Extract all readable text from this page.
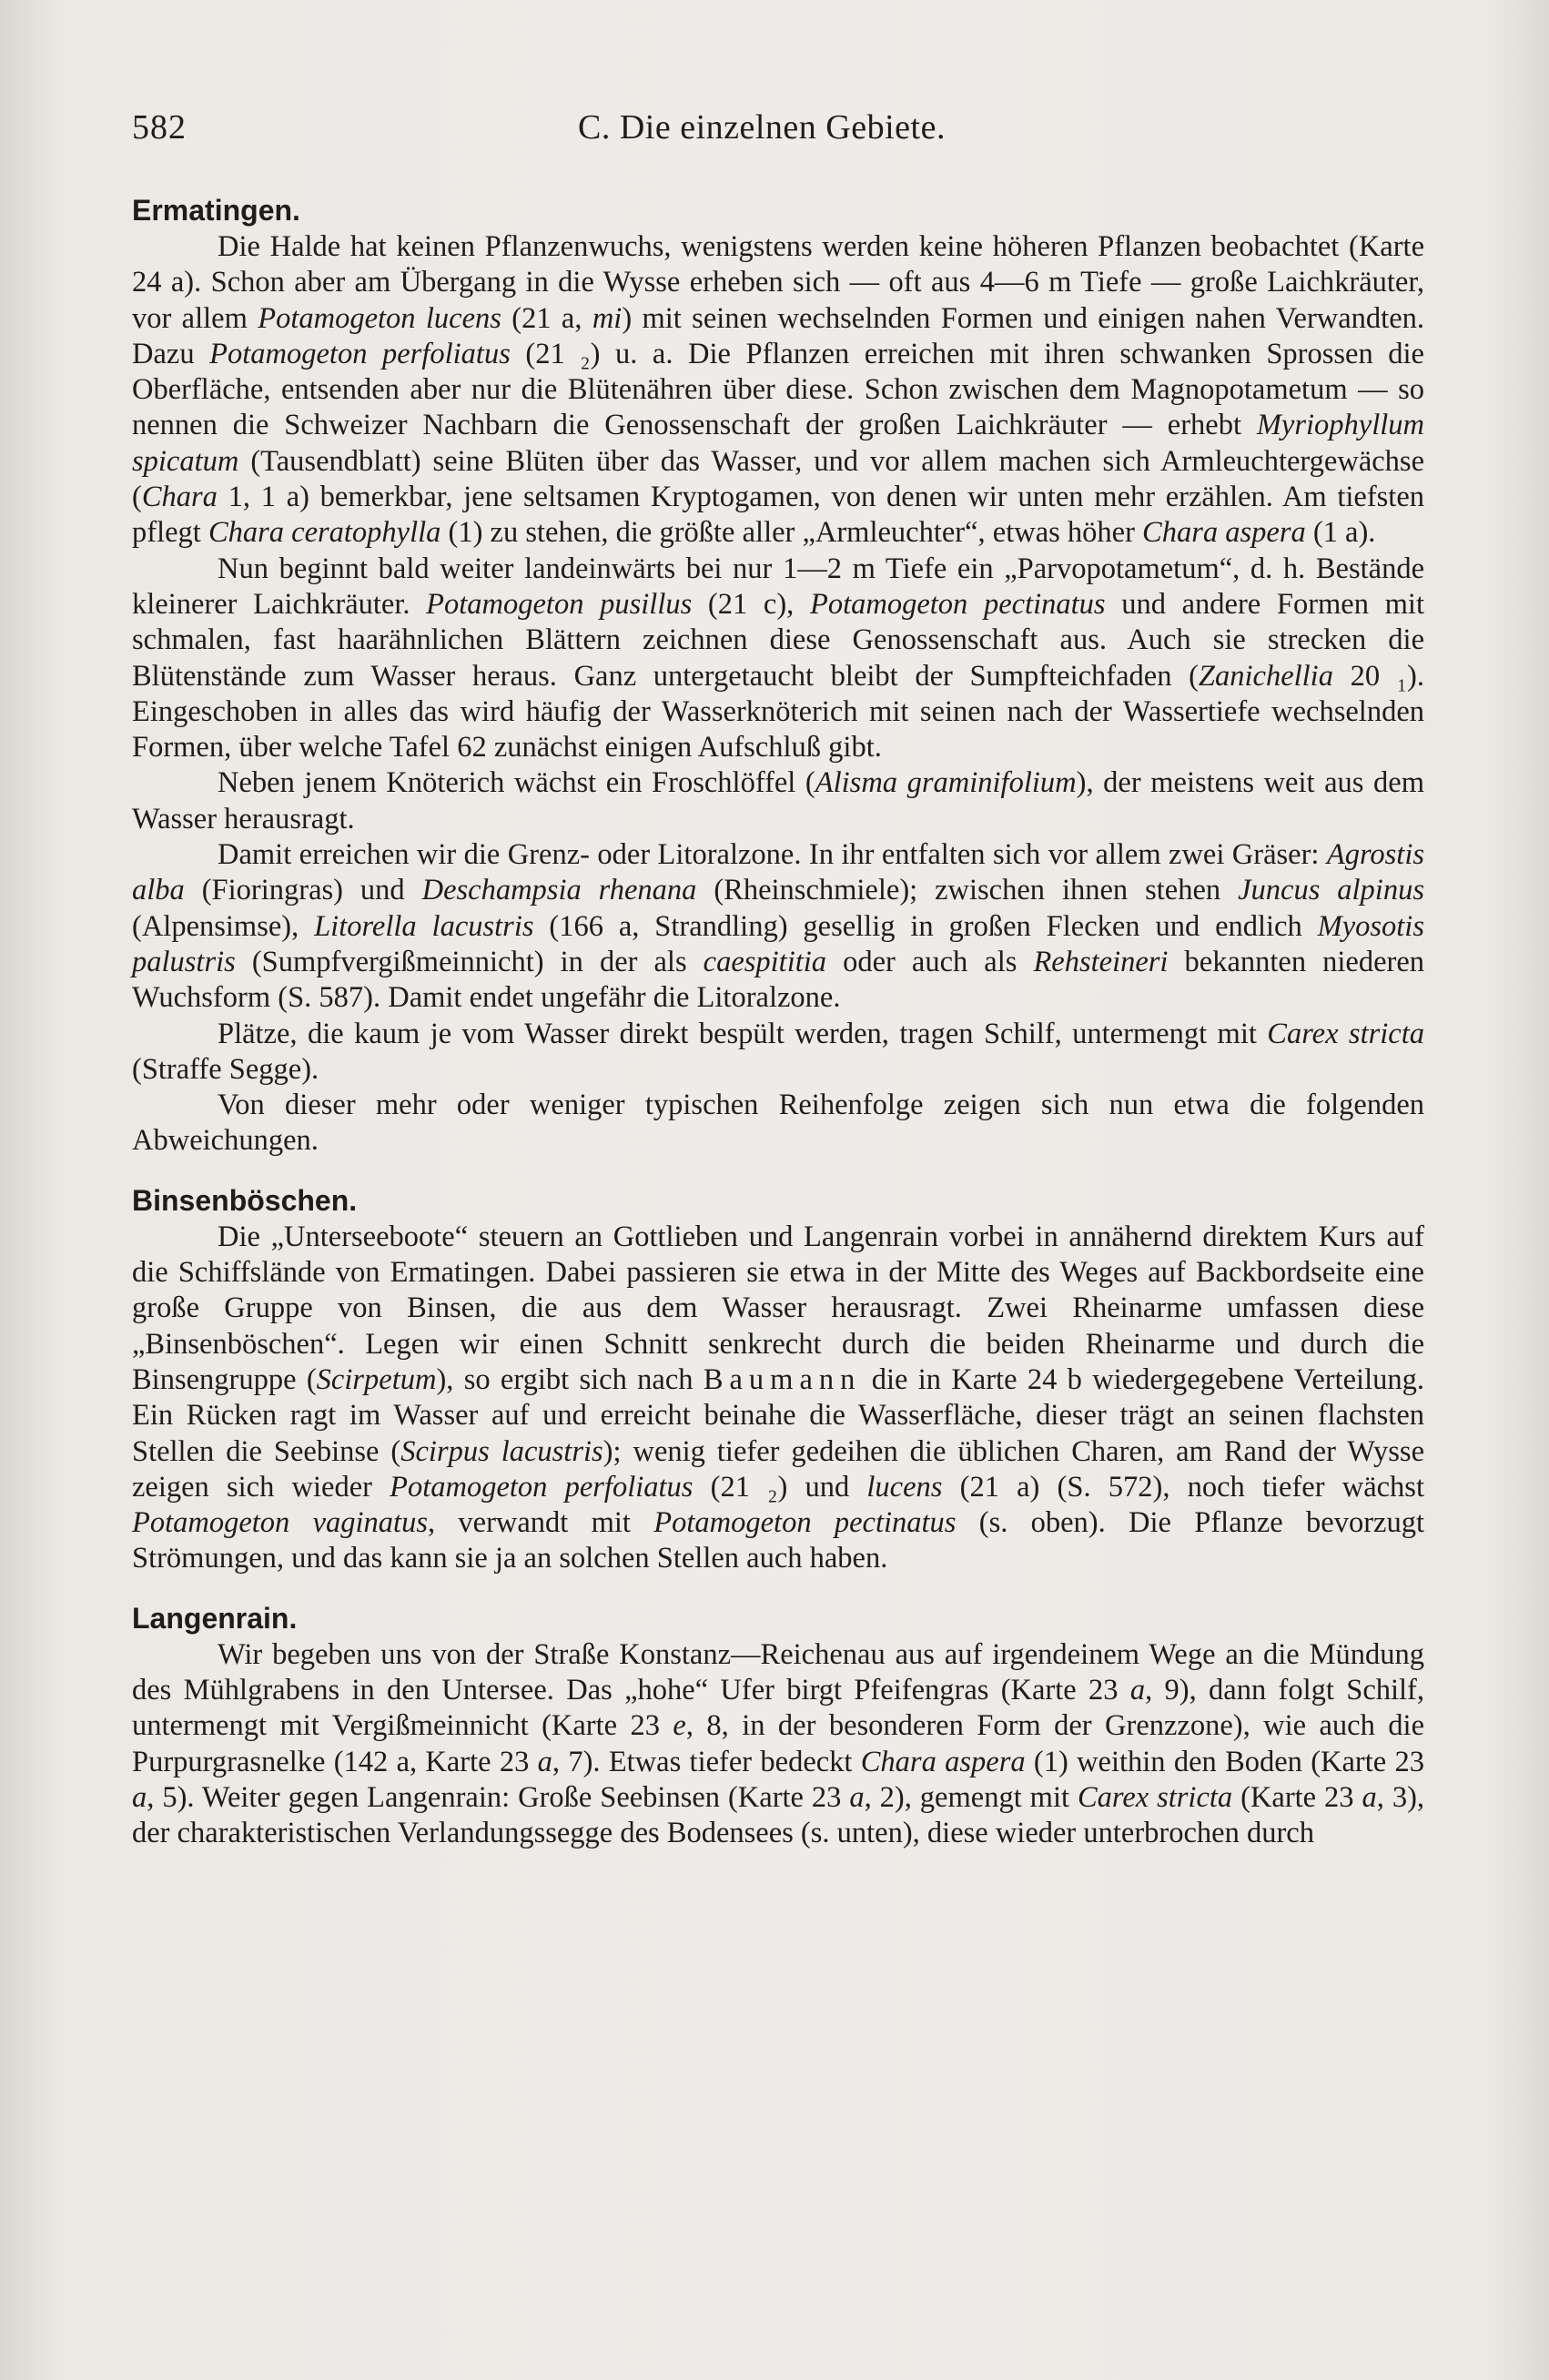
582	C. Die einzelnen Gebiete.
Ermatingen.

Die Halde hat keinen Pflanzenwuchs, wenigstens werden keine höheren Pflanzen beobachtet (Karte 24 a). Schon aber am Übergang in die Wysse erheben sich — oft aus 4—6 m Tiefe — große Laichkräuter, vor allem Potamogeton lucens (21 a, mi) mit seinen wechselnden Formen und einigen nahen Verwandten. Dazu Potamogeton perfoliatus (21 ₂) u. a. Die Pflanzen erreichen mit ihren schwanken Sprossen die Oberfläche, entsenden aber nur die Blütenähren über diese. Schon zwischen dem Magnopotametum — so nennen die Schweizer Nachbarn die Genossenschaft der großen Laichkräuter — erhebt Myriophyllum spicatum (Tausendblatt) seine Blüten über das Wasser, und vor allem machen sich Armleuchtergewächse (Chara 1, 1 a) bemerkbar, jene seltsamen Kryptogamen, von denen wir unten mehr erzählen. Am tiefsten pflegt Chara ceratophylla (1) zu stehen, die größte aller „Armleuchter“, etwas höher Chara aspera (1 a).

Nun beginnt bald weiter landeinwärts bei nur 1—2 m Tiefe ein „Parvopotametum“, d. h. Bestände kleinerer Laichkräuter. Potamogeton pusillus (21 c), Potamogeton pectinatus und andere Formen mit schmalen, fast haarähnlichen Blättern zeichnen diese Genossenschaft aus. Auch sie strecken die Blütenstände zum Wasser heraus. Ganz untergetaucht bleibt der Sumpfteichfaden (Zanichellia 20 ₁). Eingeschoben in alles das wird häufig der Wasserknöterich mit seinen nach der Wassertiefe wechselnden Formen, über welche Tafel 62 zunächst einigen Aufschluß gibt.

Neben jenem Knöterich wächst ein Froschlöffel (Alisma graminifolium), der meistens weit aus dem Wasser herausragt.

Damit erreichen wir die Grenz- oder Litoralzone. In ihr entfalten sich vor allem zwei Gräser: Agrostis alba (Fioringras) und Deschampsia rhenana (Rheinschmiele); zwischen ihnen stehen Juncus alpinus (Alpensimse), Litorella lacustris (166 a, Strandling) gesellig in großen Flecken und endlich Myosotis palustris (Sumpfvergißmeinnicht) in der als caespititia oder auch als Rehsteineri bekannten niederen Wuchsform (S. 587). Damit endet ungefähr die Litoralzone.

Plätze, die kaum je vom Wasser direkt bespült werden, tragen Schilf, untermengt mit Carex stricta (Straffe Segge).

Von dieser mehr oder weniger typischen Reihenfolge zeigen sich nun etwa die folgenden Abweichungen.

Binsenböschen.

Die „Unterseeboote“ steuern an Gottlieben und Langenrain vorbei in annähernd direktem Kurs auf die Schiffslände von Ermatingen. Dabei passieren sie etwa in der Mitte des Weges auf Backbordseite eine große Gruppe von Binsen, die aus dem Wasser herausragt. Zwei Rheinarme umfassen diese „Binsenböschen“. Legen wir einen Schnitt senkrecht durch die beiden Rheinarme und durch die Binsengruppe (Scirpetum), so ergibt sich nach Baumann die in Karte 24 b wiedergegebene Verteilung. Ein Rücken ragt im Wasser auf und erreicht beinahe die Wasserfläche, dieser trägt an seinen flachsten Stellen die Seebinse (Scirpus lacustris); wenig tiefer gedeihen die üblichen Charen, am Rand der Wysse zeigen sich wieder Potamogeton perfoliatus (21 ₂) und lucens (21 a) (S. 572), noch tiefer wächst Potamogeton vaginatus, verwandt mit Potamogeton pectinatus (s. oben). Die Pflanze bevorzugt Strömungen, und das kann sie ja an solchen Stellen auch haben.

Langenrain.

Wir begeben uns von der Straße Konstanz—Reichenau aus auf irgendeinem Wege an die Mündung des Mühlgrabens in den Untersee. Das „hohe“ Ufer birgt Pfeifengras (Karte 23 a, 9), dann folgt Schilf, untermengt mit Vergißmeinnicht (Karte 23 e, 8, in der besonderen Form der Grenzzone), wie auch die Purpurgrasnelke (142 a, Karte 23 a, 7). Etwas tiefer bedeckt Chara aspera (1) weithin den Boden (Karte 23 a, 5). Weiter gegen Langenrain: Große Seebinsen (Karte 23 a, 2), gemengt mit Carex stricta (Karte 23 a, 3), der charakteristischen Verlandungssegge des Bodensees (s. unten), diese wieder unterbrochen durch
